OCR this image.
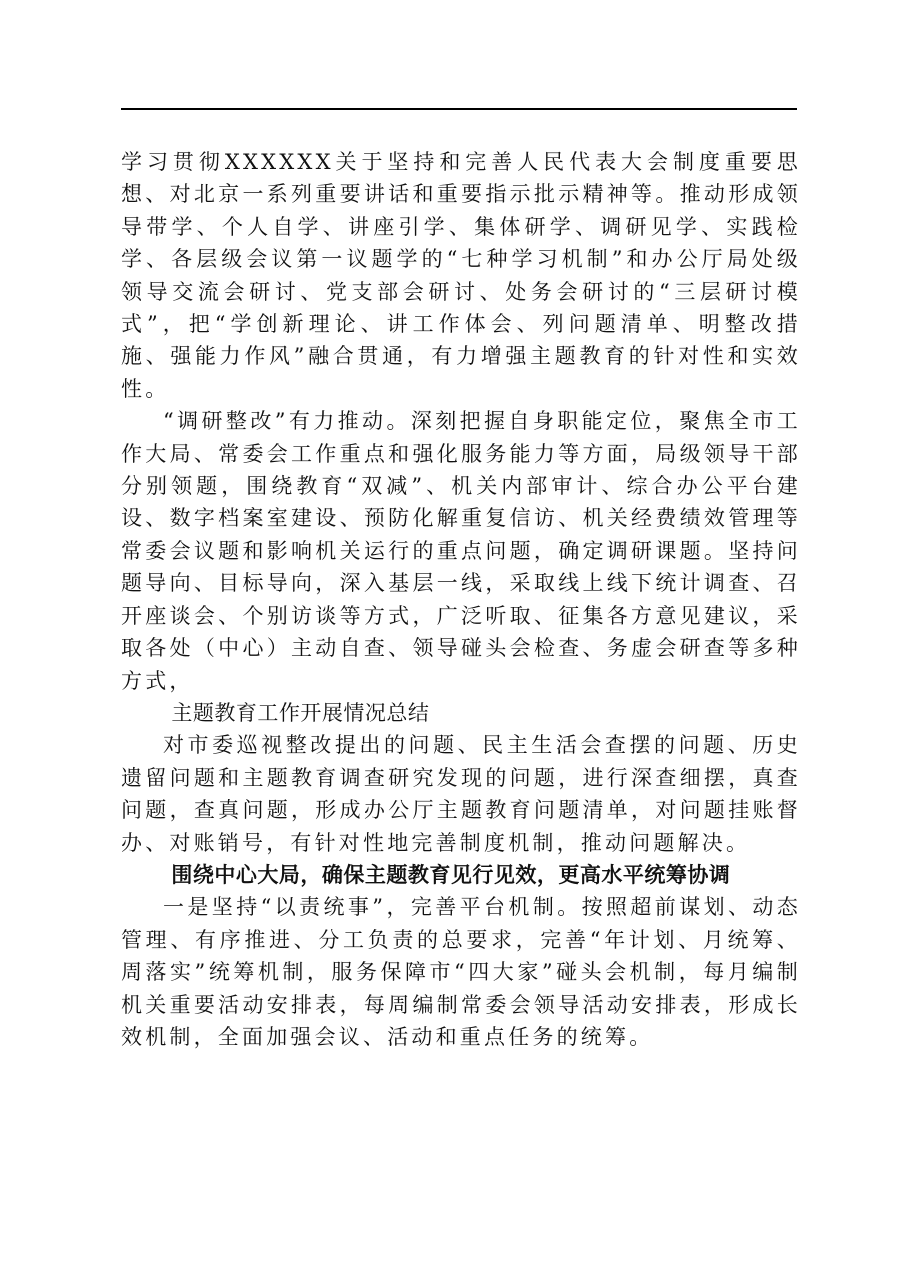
学习贯彻XXXXXX关于坚持和完善人民代表大会制度重要思想、对北京一系列重要讲话和重要指示批示精神等。推动形成领导带学、个人自学、讲座引学、集体研学、调研见学、实践检学、各层级会议第一议题学的“七种学习机制”和办公厅局处级领导交流会研讨、党支部会研讨、处务会研讨的“三层研讨模式”，把“学创新理论、讲工作体会、列问题清单、明整改措施、强能力作风”融合贯通，有力增强主题教育的针对性和实效性。

“调研整改”有力推动。深刻把握自身职能定位，聚焦全市工作大局、常委会工作重点和强化服务能力等方面，局级领导干部分别领题，围绕教育“双减”、机关内部审计、综合办公平台建设、数字档案室建设、预防化解重复信访、机关经费绩效管理等常委会议题和影响机关运行的重点问题，确定调研课题。坚持问题导向、目标导向，深入基层一线，采取线上线下统计调查、召开座谈会、个别访谈等方式，广泛听取、征集各方意见建议，采取各处（中心）主动自查、领导碰头会检查、务虚会研查等多种方式，

主题教育工作开展情况总结

对市委巡视整改提出的问题、民主生活会查摆的问题、历史遗留问题和主题教育调查研究发现的问题，进行深查细摆，真查问题，查真问题，形成办公厅主题教育问题清单，对问题挂账督办、对账销号，有针对性地完善制度机制，推动问题解决。

围绕中心大局，确保主题教育见行见效，更高水平统筹协调

一是坚持“以责统事”，完善平台机制。按照超前谋划、动态管理、有序推进、分工负责的总要求，完善“年计划、月统筹、周落实”统筹机制，服务保障市“四大家”碰头会机制，每月编制机关重要活动安排表，每周编制常委会领导活动安排表，形成长效机制，全面加强会议、活动和重点任务的统筹。
